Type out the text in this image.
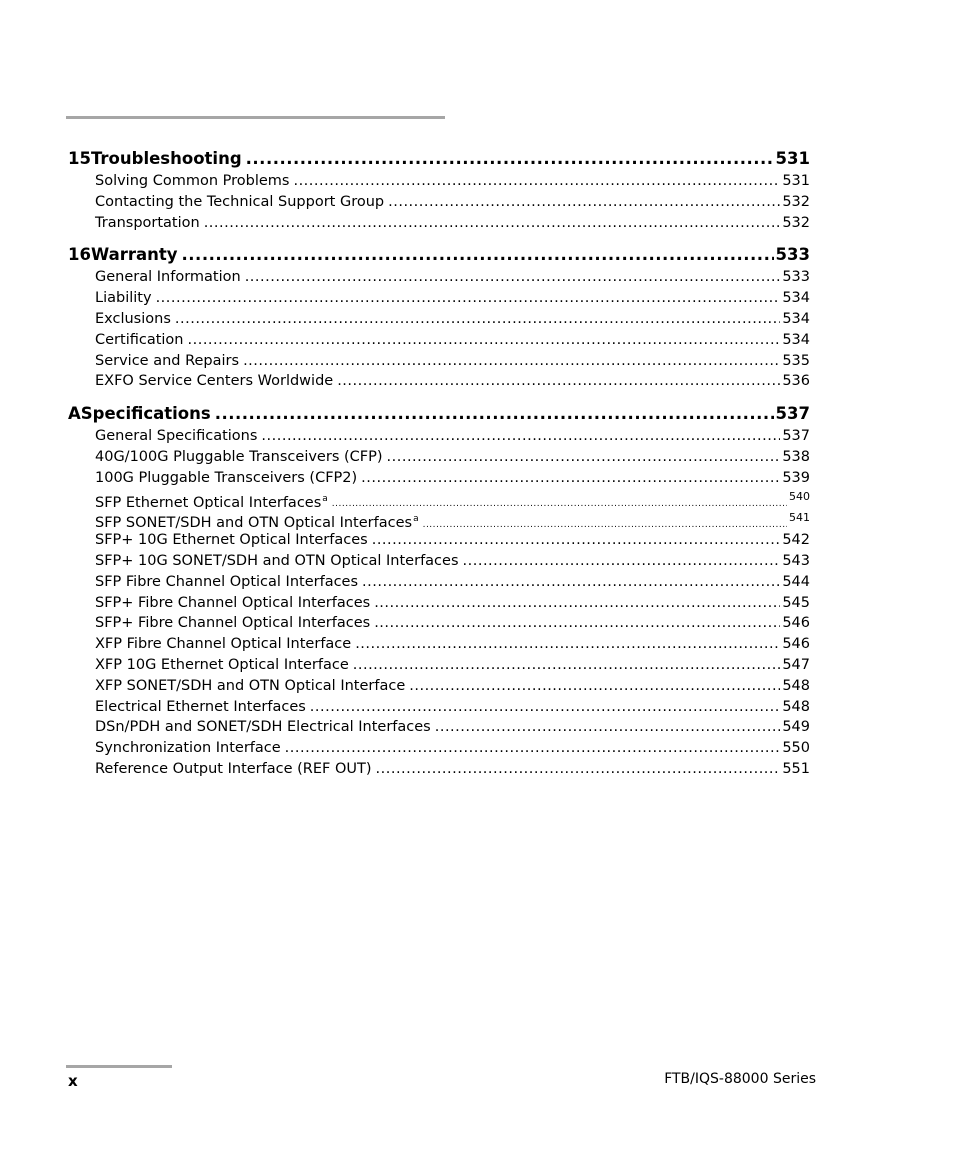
15 Troubleshooting .....	531
Solving Common Problems .....	531
Contacting the Technical Support Group .....	532
Transportation .....	532
16 Warranty .....	533
General Information .....	533
Liability .....	534
Exclusions .....	534
Certification .....	534
Service and Repairs .....	535
EXFO Service Centers Worldwide .....	536
A Specifications .....	537
General Specifications .....	537
40G/100G Pluggable Transceivers (CFP) .....	538
100G Pluggable Transceivers (CFP2) .....	539
SFP Ethernet Optical Interfaces$^a$ .....	540
SFP SONET/SDH and OTN Optical Interfaces$^a$ .....	541
SFP+ 10G Ethernet Optical Interfaces .....	542
SFP+ 10G SONET/SDH and OTN Optical Interfaces .....	543
SFP Fibre Channel Optical Interfaces .....	544
SFP+ Fibre Channel Optical Interfaces .....	545
SFP+ Fibre Channel Optical Interfaces .....	546
XFP Fibre Channel Optical Interface .....	546
XFP 10G Ethernet Optical Interface .....	547
XFP SONET/SDH and OTN Optical Interface .....	548
Electrical Ethernet Interfaces .....	548
DSn/PDH and SONET/SDH Electrical Interfaces .....	549
Synchronization Interface .....	550
Reference Output Interface (REF OUT) .....	551
x	FTB/IQS-88000 Series
